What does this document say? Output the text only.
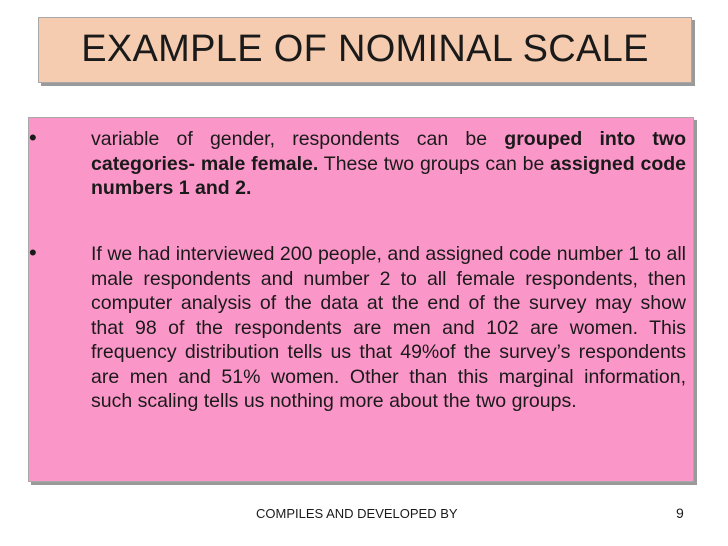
EXAMPLE OF NOMINAL SCALE
•	variable of gender, respondents can be grouped into two categories- male female. These two groups can be assigned code numbers 1 and 2.

•	If we had interviewed 200 people, and assigned code number 1 to all male respondents and number 2 to all female respondents, then computer analysis of the data at the end of the survey may show that 98 of the respondents are men and 102 are women. This frequency distribution tells us that 49%of the survey’s respondents are men and 51% women. Other than this marginal information, such scaling tells us nothing more about the two groups.

COMPILES AND DEVELOPED BY	9
